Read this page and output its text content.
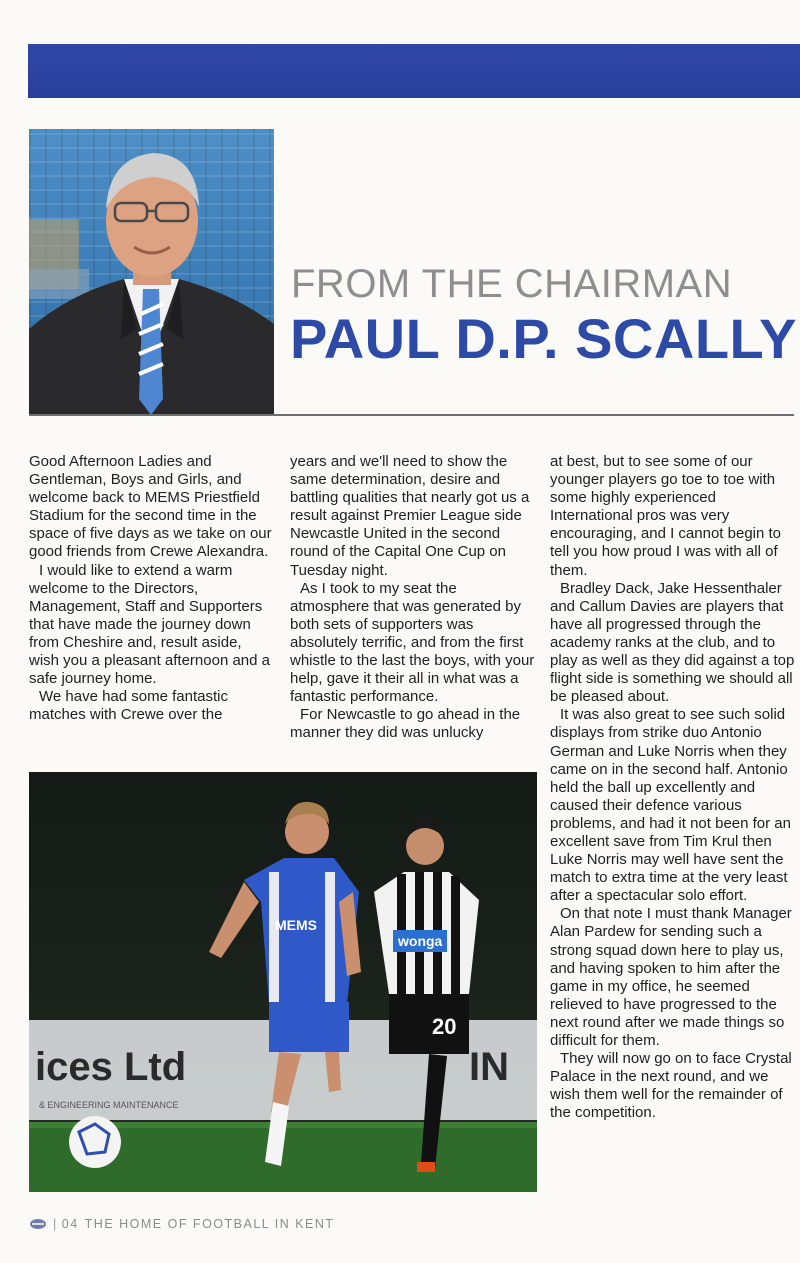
FROM THE CHAIRMAN
PAUL D.P. SCALLY

Good Afternoon Ladies and Gentleman, Boys and Girls, and welcome back to MEMS Priestfield Stadium for the second time in the space of five days as we take on our good friends from Crewe Alexandra.

I would like to extend a warm welcome to the Directors, Management, Staff and Supporters that have made the journey down from Cheshire and, result aside, wish you a pleasant afternoon and a safe journey home.

We have had some fantastic matches with Crewe over the

years and we'll need to show the same determination, desire and battling qualities that nearly got us a result against Premier League side Newcastle United in the second round of the Capital One Cup on Tuesday night.

As I took to my seat the atmosphere that was generated by both sets of supporters was absolutely terrific, and from the first whistle to the last the boys, with your help, gave it their all in what was a fantastic performance.

For Newcastle to go ahead in the manner they did was unlucky

at best, but to see some of our younger players go toe to toe with some highly experienced International pros was very encouraging, and I cannot begin to tell you how proud I was with all of them.

Bradley Dack, Jake Hessenthaler and Callum Davies are players that have all progressed through the academy ranks at the club, and to play as well as they did against a top flight side is something we should all be pleased about.

It was also great to see such solid displays from strike duo Antonio German and Luke Norris when they came on in the second half. Antonio held the ball up excellently and caused their defence various problems, and had it not been for an excellent save from Tim Krul then Luke Norris may well have sent the match to extra time at the very least after a spectacular solo effort.

On that note I must thank Manager Alan Pardew for sending such a strong squad down here to play us, and having spoken to him after the game in my office, he seemed relieved to have progressed to the next round after we made things so difficult for them.

They will now go on to face Crystal Palace in the next round, and we wish them well for the remainder of the competition.

ices Ltd	IN
& ENGINEERING MAINTENANCE
MEMS
wonga
20
| 04 THE HOME OF FOOTBALL IN KENT
